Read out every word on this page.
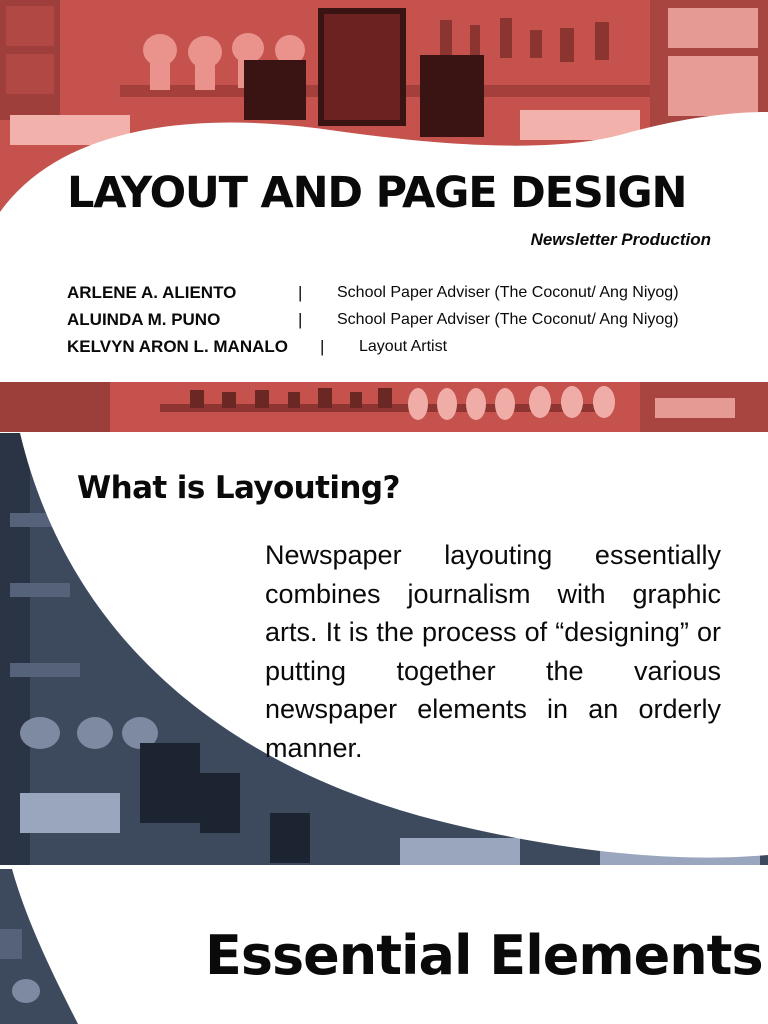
LAYOUT AND PAGE DESIGN

Newsletter Production

ARLENE A. ALIENTO	| School Paper Adviser (The Coconut/ Ang Niyog)
ALUINDA M. PUNO	| School Paper Adviser (The Coconut/ Ang Niyog)
KELVYN ARON L. MANALO | Layout Artist
What is Layouting?

Newspaper layouting essentially combines journalism with graphic arts. It is the process of “designing” or putting together the various newspaper elements in an orderly manner.

Essential Elements
